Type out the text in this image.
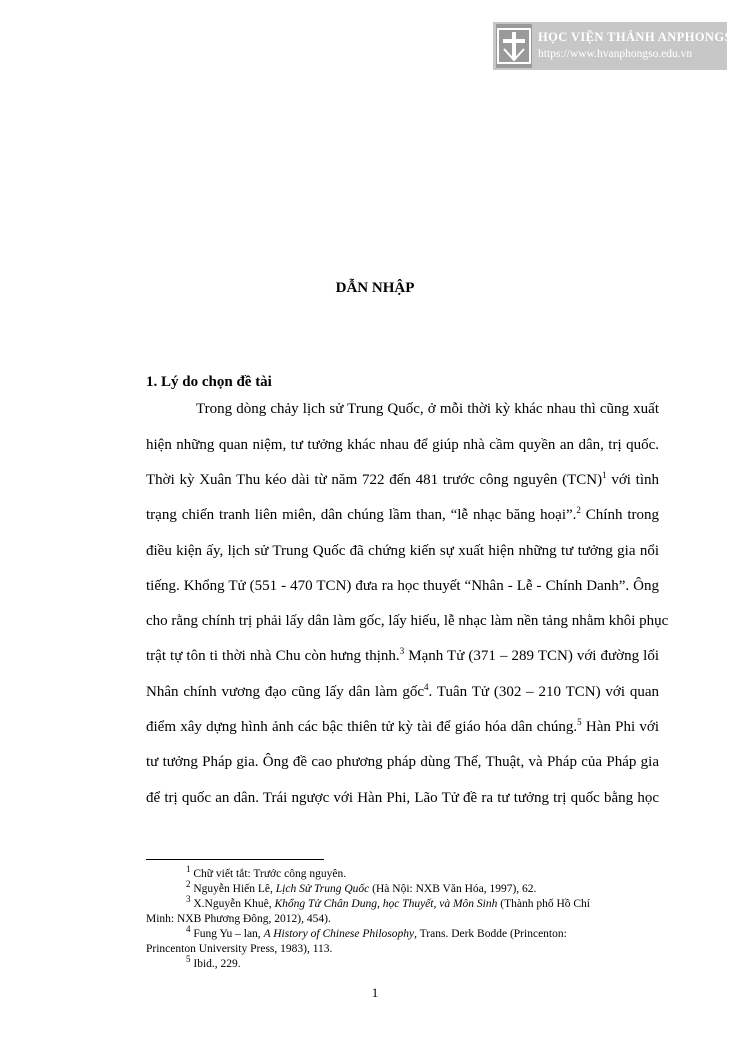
HỌC VIỆN THÁNH ANPHONGSÔ
https://www.hvanphongso.edu.vn
DẪN NHẬP
1. Lý do chọn đề tài
Trong dòng chảy lịch sử Trung Quốc, ở mỗi thời kỳ khác nhau thì cũng xuất
hiện những quan niệm, tư tưởng khác nhau để giúp nhà cầm quyền an dân, trị quốc.
Thời kỳ Xuân Thu kéo dài từ năm 722 đến 481 trước công nguyên (TCN)$^1$ với tình
trạng chiến tranh liên miên, dân chúng lầm than, “lễ nhạc băng hoại”.$^2$ Chính trong
điều kiện ấy, lịch sử Trung Quốc đã chứng kiến sự xuất hiện những tư tưởng gia nổi
tiếng. Khổng Tử (551 - 470 TCN) đưa ra học thuyết “Nhân - Lễ - Chính Danh”. Ông
cho rằng chính trị phải lấy dân làm gốc, lấy hiếu, lễ nhạc làm nền tảng nhằm khôi phục
trật tự tôn ti thời nhà Chu còn hưng thịnh.$^3$ Mạnh Tử (371 – 289 TCN) với đường lối
Nhân chính vương đạo cũng lấy dân làm gốc$^4$. Tuân Tử (302 – 210 TCN) với quan
điểm xây dựng hình ảnh các bậc thiên tử kỳ tài để giáo hóa dân chúng.$^5$ Hàn Phi với
tư tưởng Pháp gia. Ông đề cao phương pháp dùng Thế, Thuật, và Pháp của Pháp gia
để trị quốc an dân. Trái ngược với Hàn Phi, Lão Tử đề ra tư tưởng trị quốc bằng học
$^1$ Chữ viết tắt: Trước công nguyên.
$^2$ Nguyễn Hiến Lê, Lịch Sử Trung Quốc (Hà Nội: NXB Văn Hóa, 1997), 62.
$^3$ X.Nguyễn Khuê, Khổng Tử Chân Dung, học Thuyết, và Môn Sinh (Thành phố Hồ Chí
Minh: NXB Phương Đông, 2012), 454).
$^4$ Fung Yu – lan, A History of Chinese Philosophy, Trans. Derk Bodde (Princenton:
Princenton University Press, 1983), 113.
$^5$ Ibid., 229.
1
